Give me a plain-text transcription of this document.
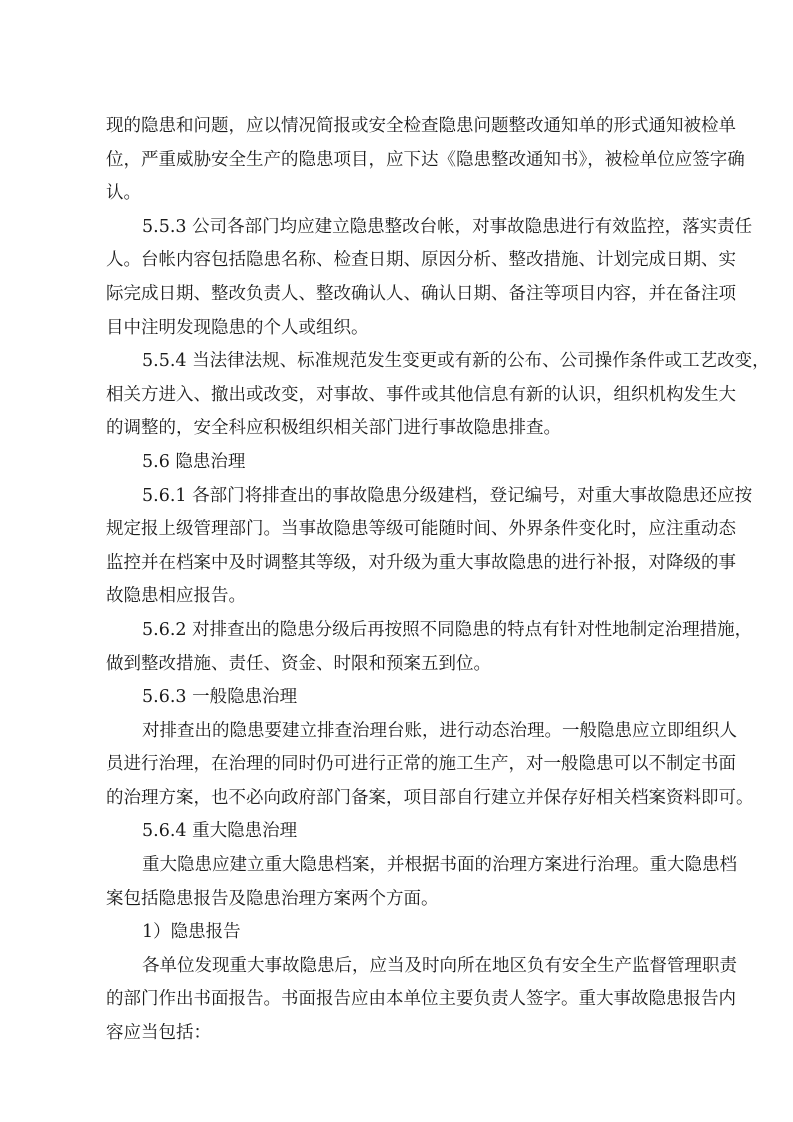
现的隐患和问题，应以情况简报或安全检查隐患问题整改通知单的形式通知被检单
位，严重威胁安全生产的隐患项目，应下达《隐患整改通知书》，被检单位应签字确
认。
5.5.3 公司各部门均应建立隐患整改台帐，对事故隐患进行有效监控，落实责任
人。台帐内容包括隐患名称、检查日期、原因分析、整改措施、计划完成日期、实
际完成日期、整改负责人、整改确认人、确认日期、备注等项目内容，并在备注项
目中注明发现隐患的个人或组织。
5.5.4 当法律法规、标准规范发生变更或有新的公布、公司操作条件或工艺改变，
相关方进入、撤出或改变，对事故、事件或其他信息有新的认识，组织机构发生大
的调整的，安全科应积极组织相关部门进行事故隐患排查。
5.6 隐患治理
5.6.1 各部门将排查出的事故隐患分级建档，登记编号，对重大事故隐患还应按
规定报上级管理部门。当事故隐患等级可能随时间、外界条件变化时，应注重动态
监控并在档案中及时调整其等级，对升级为重大事故隐患的进行补报，对降级的事
故隐患相应报告。
5.6.2 对排查出的隐患分级后再按照不同隐患的特点有针对性地制定治理措施，
做到整改措施、责任、资金、时限和预案五到位。
5.6.3 一般隐患治理
对排查出的隐患要建立排查治理台账，进行动态治理。一般隐患应立即组织人
员进行治理，在治理的同时仍可进行正常的施工生产，对一般隐患可以不制定书面
的治理方案，也不必向政府部门备案，项目部自行建立并保存好相关档案资料即可。
5.6.4 重大隐患治理
重大隐患应建立重大隐患档案，并根据书面的治理方案进行治理。重大隐患档
案包括隐患报告及隐患治理方案两个方面。
1）隐患报告
各单位发现重大事故隐患后，应当及时向所在地区负有安全生产监督管理职责
的部门作出书面报告。书面报告应由本单位主要负责人签字。重大事故隐患报告内
容应当包括：
